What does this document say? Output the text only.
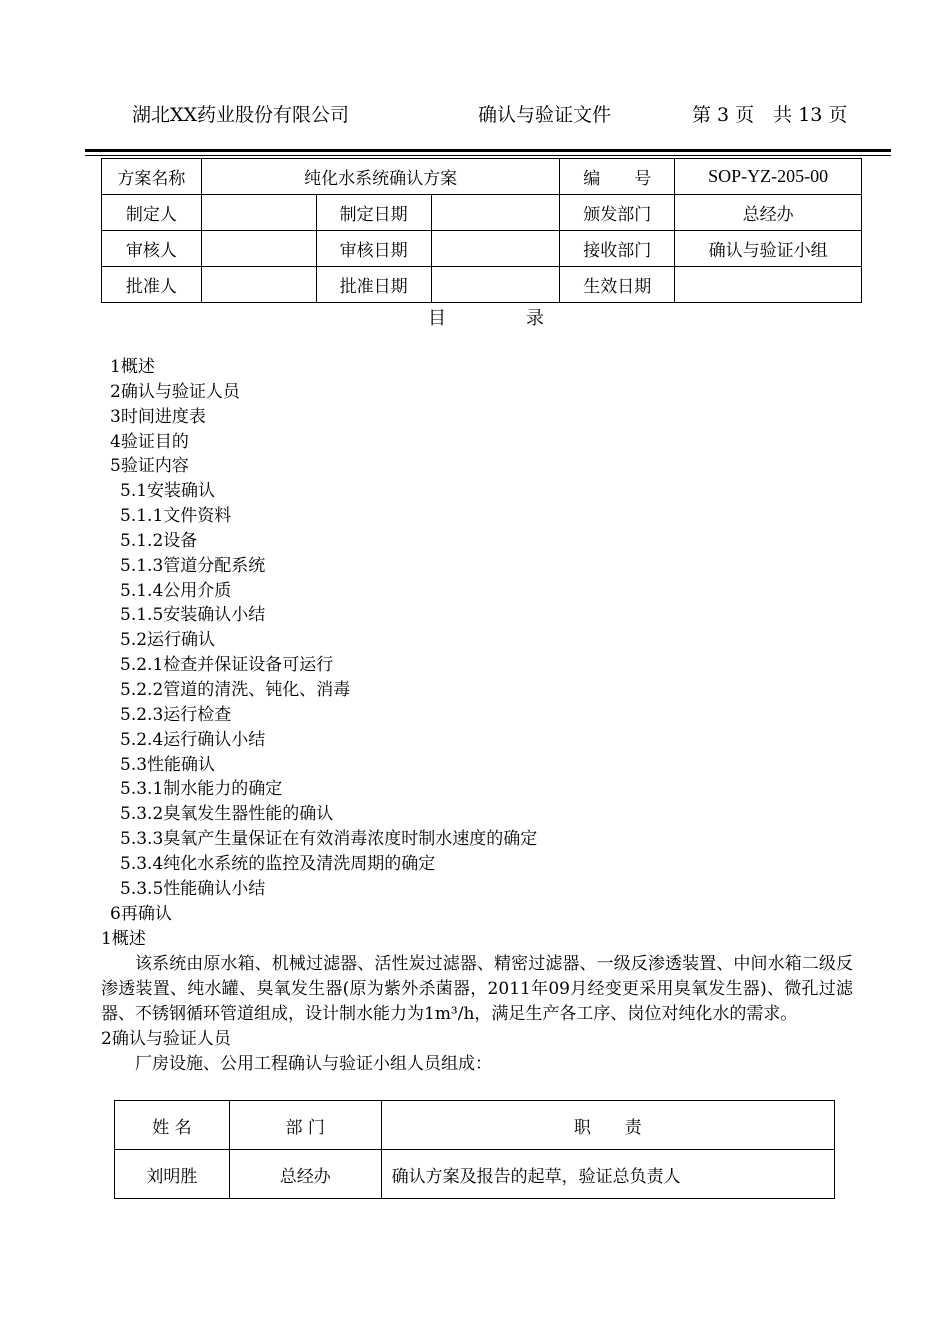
湖北XX药业股份有限公司	确认与验证文件	第 3 页　共 13 页
方案名称	纯化水系统确认方案			编　　号	SOP-YZ-205-00
制定人		制定日期		颁发部门	总经办
审核人		审核日期		接收部门	确认与验证小组
批准人		批准日期		生效日期	
目	录
1概述
2确认与验证人员
3时间进度表
4验证目的
5验证内容
5.1安装确认
5.1.1文件资料
5.1.2设备
5.1.3管道分配系统
5.1.4公用介质
5.1.5安装确认小结
5.2运行确认
5.2.1检查并保证设备可运行
5.2.2管道的清洗、钝化、消毒
5.2.3运行检查
5.2.4运行确认小结
5.3性能确认
5.3.1制水能力的确定
5.3.2臭氧发生器性能的确认
5.3.3臭氧产生量保证在有效消毒浓度时制水速度的确定
5.3.4纯化水系统的监控及清洗周期的确定
5.3.5性能确认小结
6再确认
1概述
该系统由原水箱、机械过滤器、活性炭过滤器、精密过滤器、一级反渗透装置、中间水箱二级反渗透装置、纯水罐、臭氧发生器(原为紫外杀菌器，2011年09月经变更采用臭氧发生器)、微孔过滤器、不锈钢循环管道组成，设计制水能力为1m³/h，满足生产各工序、岗位对纯化水的需求。
2确认与验证人员
厂房设施、公用工程确认与验证小组人员组成：
姓 名	部 门	职　　责
刘明胜	总经办	确认方案及报告的起草，验证总负责人
